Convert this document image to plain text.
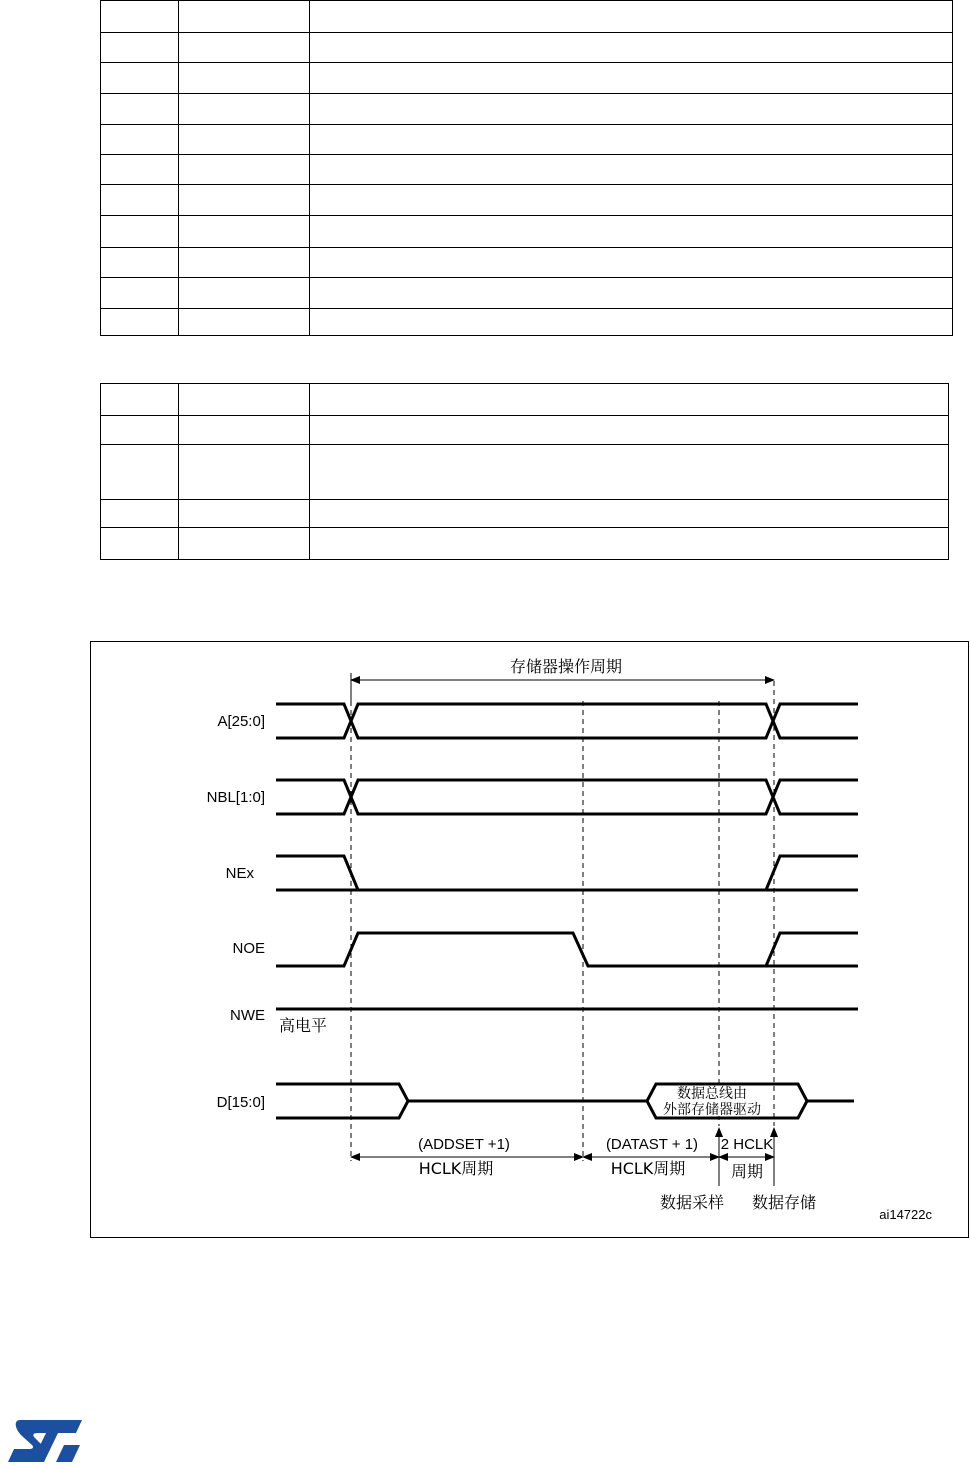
存储器操作周期
A[25:0]
NBL[1:0]
NEx
NOE
NWE
高电平
D[15:0]	数据总线由
外部存储器驱动
(ADDSET +1)
HCLK周期
(DATAST + 1)
HCLK周期
2 HCLK
周期
数据采样 数据存储
ai14722c
